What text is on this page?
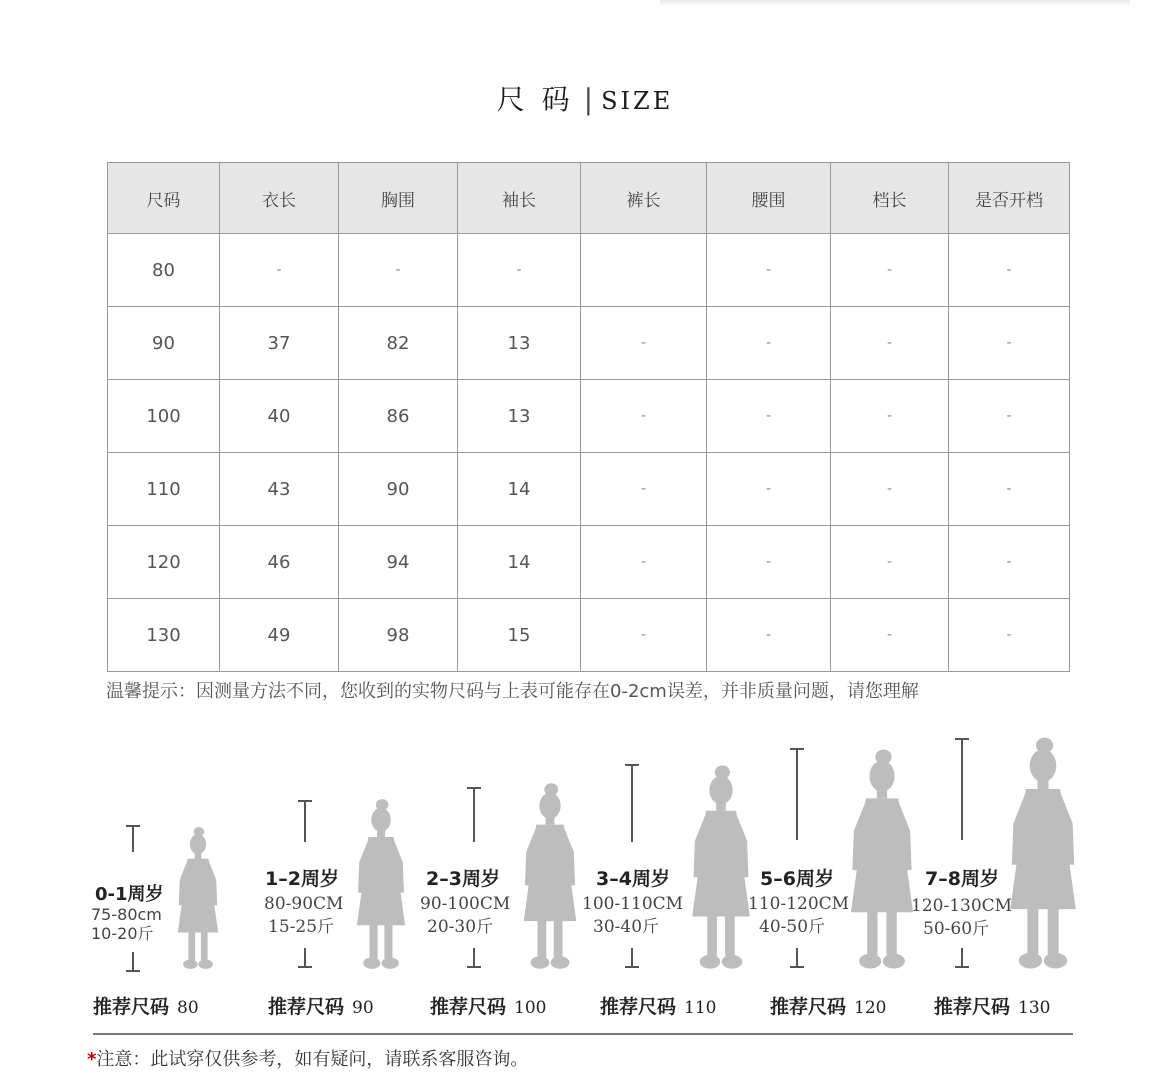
尺 码 | SIZE
尺码	衣长	胸围	袖长	裤长	腰围	档长	是否开档
80	-	-	-		-	-	-
90	37	82	13	-	-	-	-
100	40	86	13	-	-	-	-
110	43	90	14	-	-	-	-
120	46	94	14	-	-	-	-
130	49	98	15	-	-	-	-
温馨提示：因测量方法不同，您收到的实物尺码与上表可能存在0-2cm误差，并非质量问题，请您理解
0-1周岁
75-80cm
10-20斤
推荐尺码 80
1–2周岁
80-90CM
15-25斤
推荐尺码 90
2–3周岁
90-100CM
20-30斤
推荐尺码 100
3–4周岁
100-110CM
30-40斤
推荐尺码 110
5–6周岁
110-120CM
40-50斤
推荐尺码 120
7–8周岁
120-130CM
50-60斤
推荐尺码 130
*注意：此试穿仅供参考，如有疑问，请联系客服咨询。
